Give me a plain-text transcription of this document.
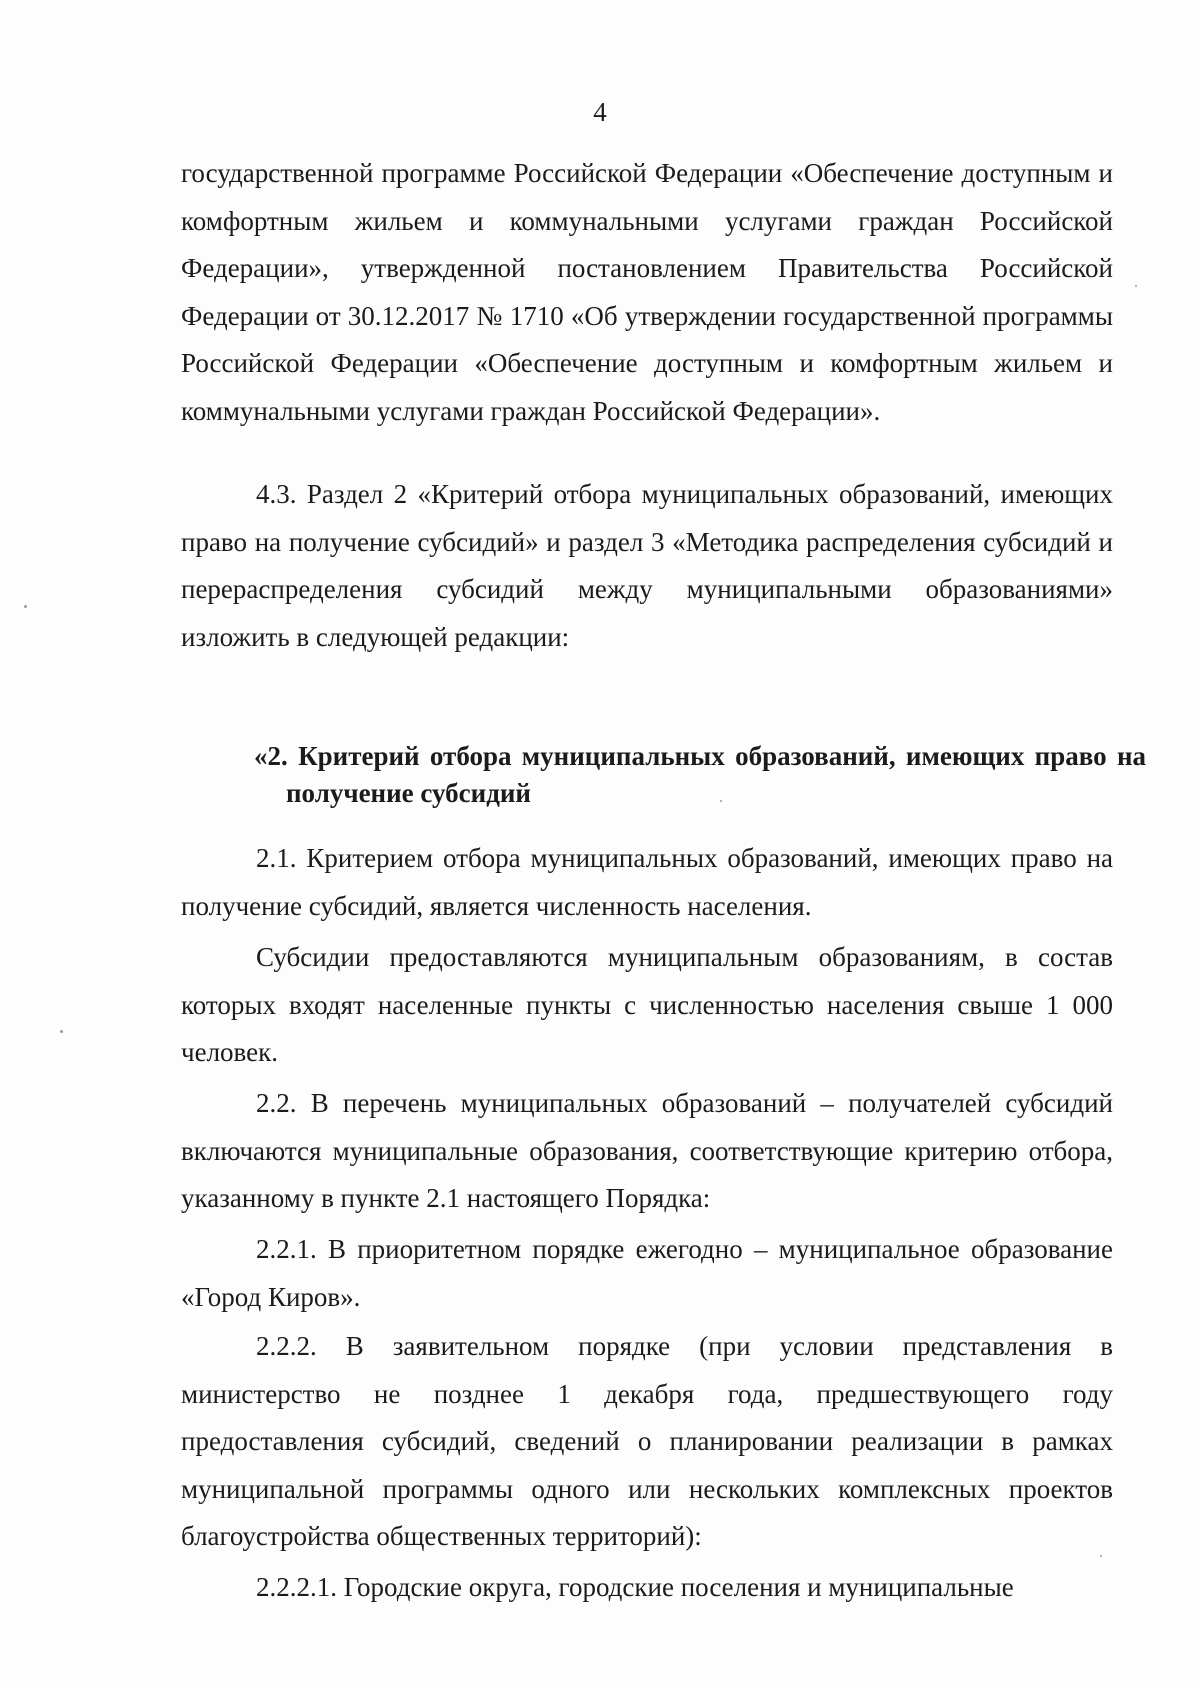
4

государственной программе Российской Федерации «Обеспечение доступным и комфортным жильем и коммунальными услугами граждан Российской Федерации», утвержденной постановлением Правительства Российской Федерации от 30.12.2017 № 1710 «Об утверждении государственной программы Российской Федерации «Обеспечение доступным и комфортным жильем и коммунальными услугами граждан Российской Федерации».

4.3. Раздел 2 «Критерий отбора муниципальных образований, имеющих право на получение субсидий» и раздел 3 «Методика распределения субсидий и перераспределения субсидий между муниципальными образованиями» изложить в следующей редакции:

«2. Критерий отбора муниципальных образований, имеющих право на получение субсидий

2.1. Критерием отбора муниципальных образований, имеющих право на получение субсидий, является численность населения.

Субсидии предоставляются муниципальным образованиям, в состав которых входят населенные пункты с численностью населения свыше 1 000 человек.

2.2. В перечень муниципальных образований – получателей субсидий включаются муниципальные образования, соответствующие критерию отбора, указанному в пункте 2.1 настоящего Порядка:

2.2.1. В приоритетном порядке ежегодно – муниципальное образование «Город Киров».

2.2.2. В заявительном порядке (при условии представления в министерство не позднее 1 декабря года, предшествующего году предоставления субсидий, сведений о планировании реализации в рамках муниципальной программы одного или нескольких комплексных проектов благоустройства общественных территорий):

2.2.2.1. Городские округа, городские поселения и муниципальные
